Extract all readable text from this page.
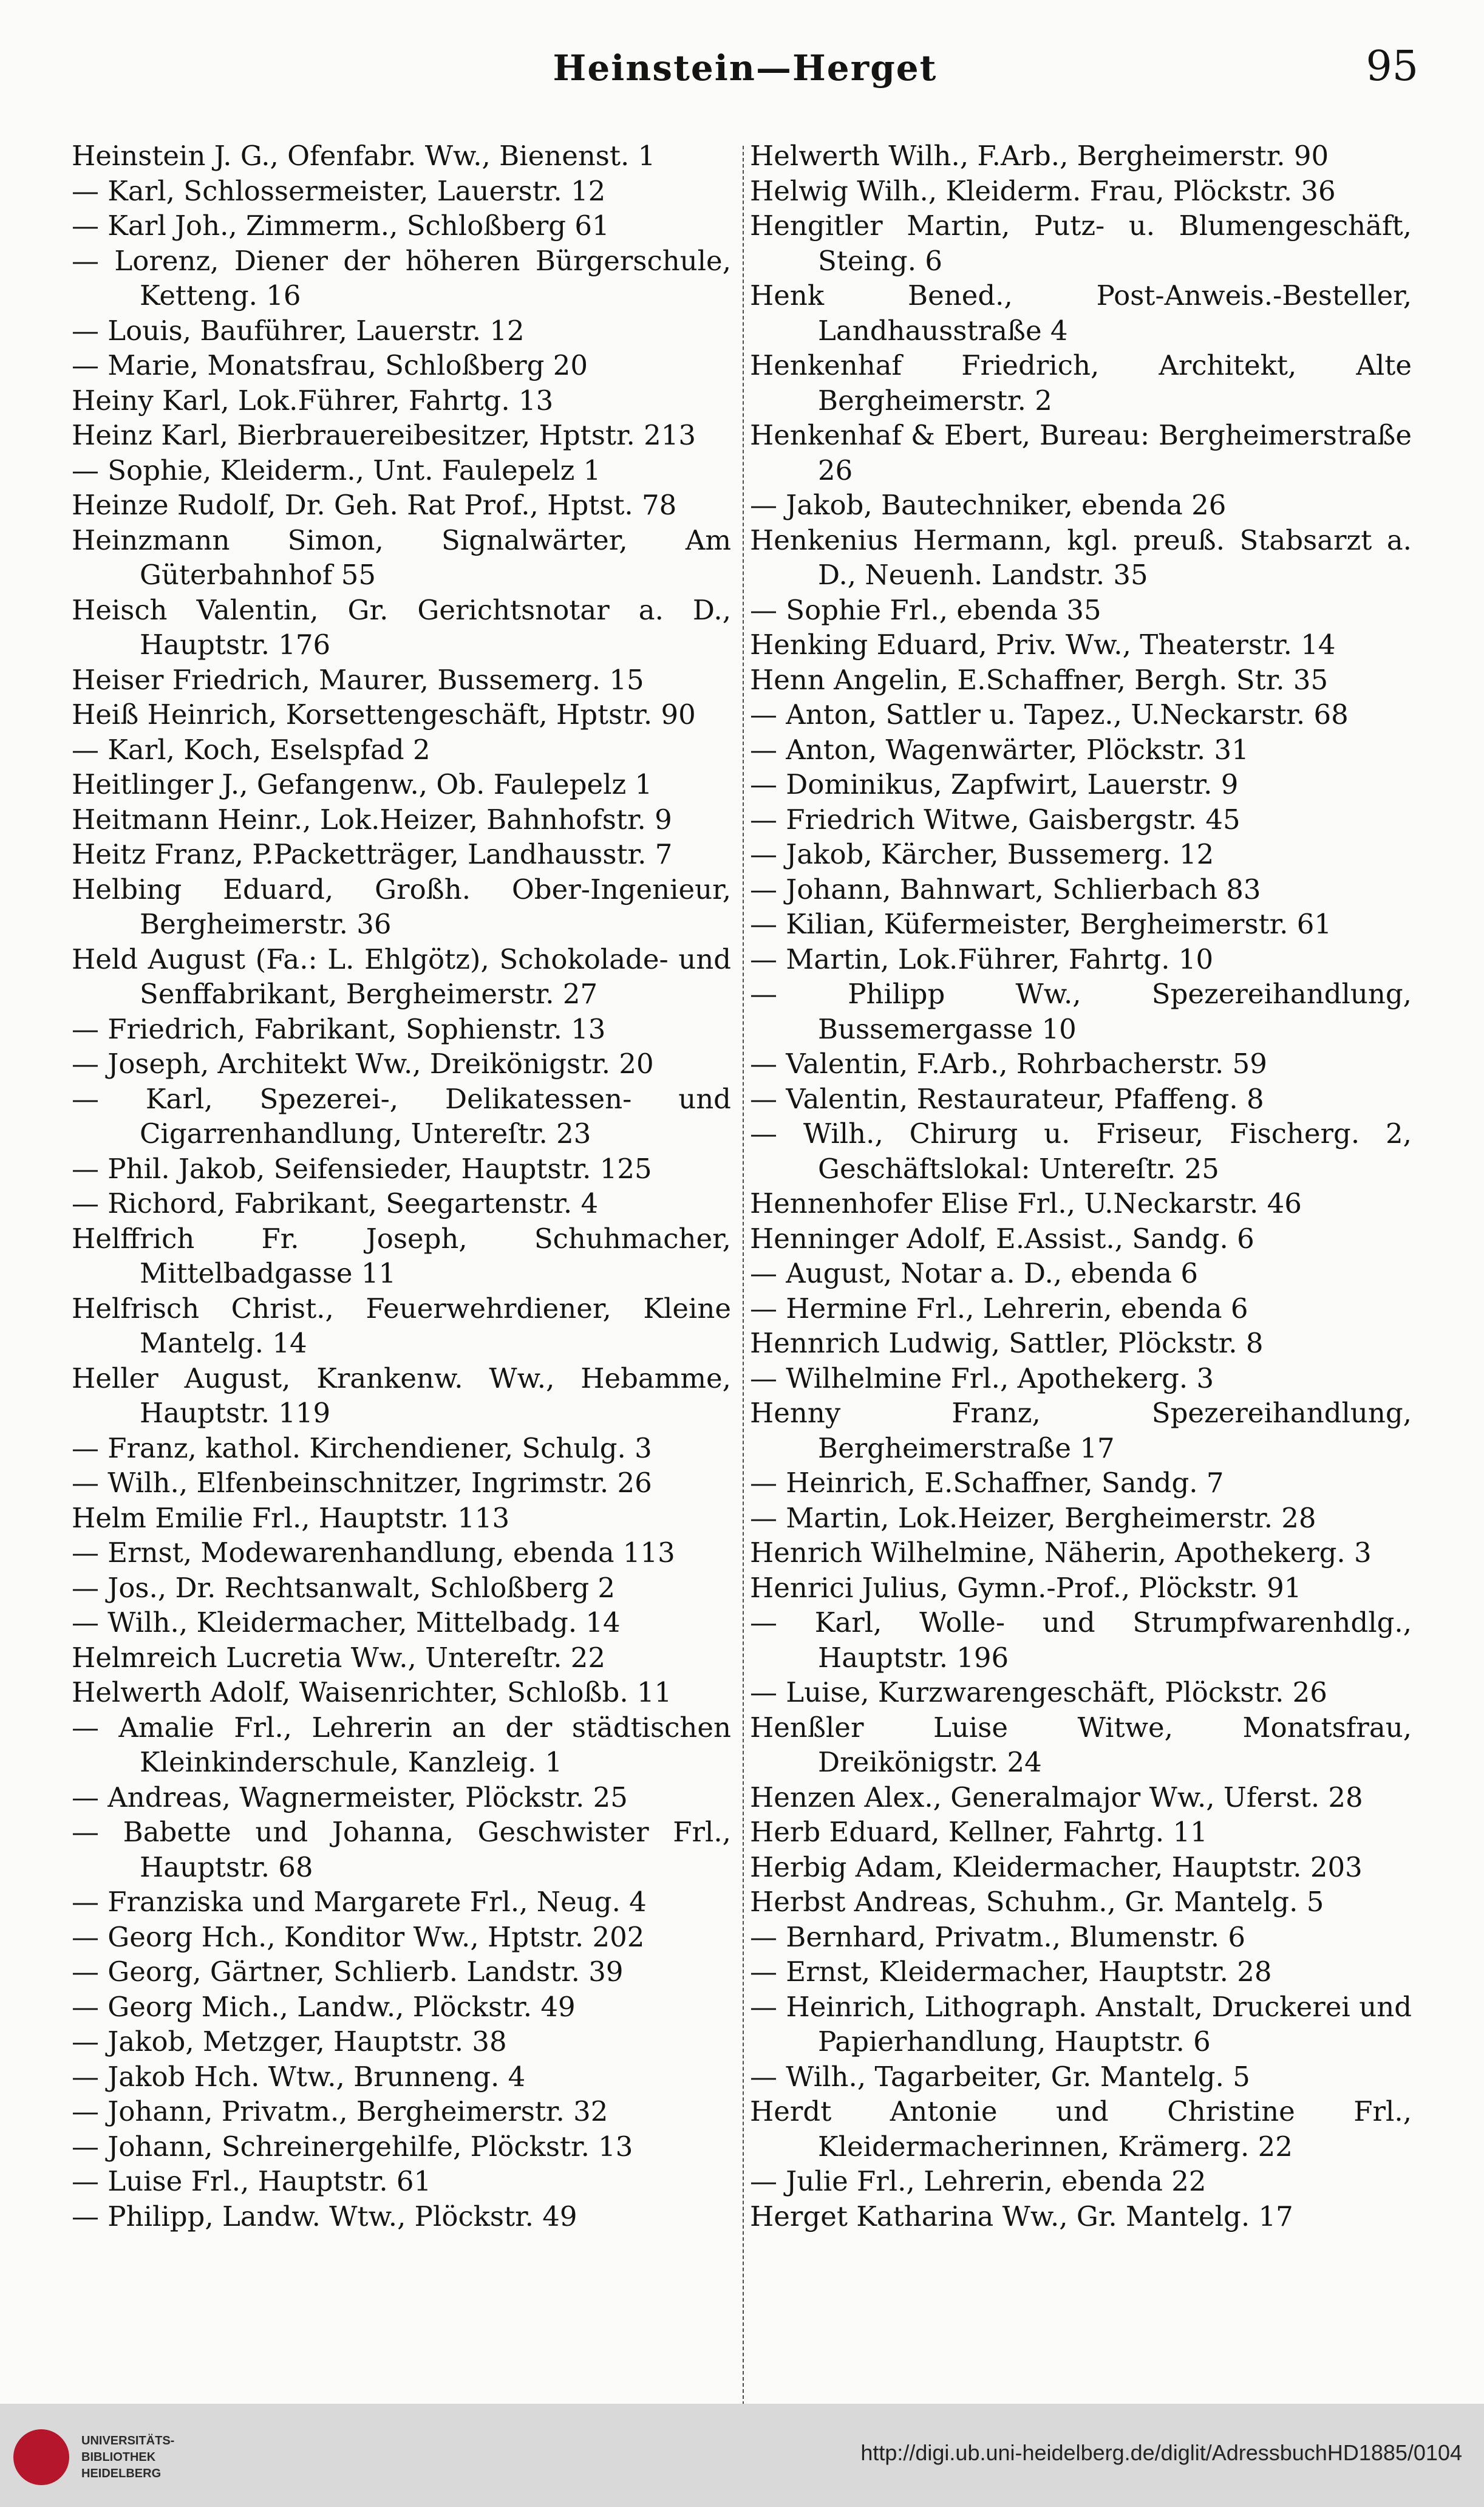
Heinstein—Herget	95

Heinstein J. G., Ofenfabr. Ww., Bienenst. 1

— Karl, Schlossermeister, Lauerstr. 12

— Karl Joh., Zimmerm., Schloßberg 61

— Lorenz, Diener der höheren Bürgerschule, Ketteng. 16

— Louis, Bauführer, Lauerstr. 12

— Marie, Monatsfrau, Schloßberg 20

Heiny Karl, Lok.Führer, Fahrtg. 13

Heinz Karl, Bierbrauereibesitzer, Hptstr. 213

— Sophie, Kleiderm., Unt. Faulepelz 1

Heinze Rudolf, Dr. Geh. Rat Prof., Hptst. 78

Heinzmann Simon, Signalwärter, Am Güterbahnhof 55

Heisch Valentin, Gr. Gerichtsnotar a. D., Hauptstr. 176

Heiser Friedrich, Maurer, Bussemerg. 15

Heiß Heinrich, Korsettengeschäft, Hptstr. 90

— Karl, Koch, Eselspfad 2

Heitlinger J., Gefangenw., Ob. Faulepelz 1

Heitmann Heinr., Lok.Heizer, Bahnhofstr. 9

Heitz Franz, P.Packetträger, Landhausstr. 7

Helbing Eduard, Großh. Ober-Ingenieur, Bergheimerstr. 36

Held August (Fa.: L. Ehlgötz), Schokolade- und Senffabrikant, Bergheimerstr. 27

— Friedrich, Fabrikant, Sophienstr. 13

— Joseph, Architekt Ww., Dreikönigstr. 20

— Karl, Spezerei-, Delikatessen- und Cigarrenhandlung, Untereſtr. 23

— Phil. Jakob, Seifensieder, Hauptstr. 125

— Richord, Fabrikant, Seegartenstr. 4

Helffrich Fr. Joseph, Schuhmacher, Mittelbadgasse 11

Helfrisch Christ., Feuerwehrdiener, Kleine Mantelg. 14

Heller August, Krankenw. Ww., Hebamme, Hauptstr. 119

— Franz, kathol. Kirchendiener, Schulg. 3

— Wilh., Elfenbeinschnitzer, Ingrimstr. 26

Helm Emilie Frl., Hauptstr. 113

— Ernst, Modewarenhandlung, ebenda 113

— Jos., Dr. Rechtsanwalt, Schloßberg 2

— Wilh., Kleidermacher, Mittelbadg. 14

Helmreich Lucretia Ww., Untereſtr. 22

Helwerth Adolf, Waisenrichter, Schloßb. 11

— Amalie Frl., Lehrerin an der städtischen Kleinkinderschule, Kanzleig. 1

— Andreas, Wagnermeister, Plöckstr. 25

— Babette und Johanna, Geschwister Frl., Hauptstr. 68

— Franziska und Margarete Frl., Neug. 4

— Georg Hch., Konditor Ww., Hptstr. 202

— Georg, Gärtner, Schlierb. Landstr. 39

— Georg Mich., Landw., Plöckstr. 49

— Jakob, Metzger, Hauptstr. 38

— Jakob Hch. Wtw., Brunneng. 4

— Johann, Privatm., Bergheimerstr. 32

— Johann, Schreinergehilfe, Plöckstr. 13

— Luise Frl., Hauptstr. 61

— Philipp, Landw. Wtw., Plöckstr. 49

Helwerth Wilh., F.Arb., Bergheimerstr. 90

Helwig Wilh., Kleiderm. Frau, Plöckstr. 36

Hengitler Martin, Putz- u. Blumengeschäft, Steing. 6

Henk Bened., Post-Anweis.-Besteller, Landhausstraße 4

Henkenhaf Friedrich, Architekt, Alte Bergheimerstr. 2

Henkenhaf & Ebert, Bureau: Bergheimerstraße 26

— Jakob, Bautechniker, ebenda 26

Henkenius Hermann, kgl. preuß. Stabsarzt a. D., Neuenh. Landstr. 35

— Sophie Frl., ebenda 35

Henking Eduard, Priv. Ww., Theaterstr. 14

Henn Angelin, E.Schaffner, Bergh. Str. 35

— Anton, Sattler u. Tapez., U.Neckarstr. 68

— Anton, Wagenwärter, Plöckstr. 31

— Dominikus, Zapfwirt, Lauerstr. 9

— Friedrich Witwe, Gaisbergstr. 45

— Jakob, Kärcher, Bussemerg. 12

— Johann, Bahnwart, Schlierbach 83

— Kilian, Küfermeister, Bergheimerstr. 61

— Martin, Lok.Führer, Fahrtg. 10

— Philipp Ww., Spezereihandlung, Bussemergasse 10

— Valentin, F.Arb., Rohrbacherstr. 59

— Valentin, Restaurateur, Pfaffeng. 8

— Wilh., Chirurg u. Friseur, Fischerg. 2, Geschäftslokal: Untereſtr. 25

Hennenhofer Elise Frl., U.Neckarstr. 46

Henninger Adolf, E.Assist., Sandg. 6

— August, Notar a. D., ebenda 6

— Hermine Frl., Lehrerin, ebenda 6

Hennrich Ludwig, Sattler, Plöckstr. 8

— Wilhelmine Frl., Apothekerg. 3

Henny Franz, Spezereihandlung, Bergheimerstraße 17

— Heinrich, E.Schaffner, Sandg. 7

— Martin, Lok.Heizer, Bergheimerstr. 28

Henrich Wilhelmine, Näherin, Apothekerg. 3

Henrici Julius, Gymn.-Prof., Plöckstr. 91

— Karl, Wolle- und Strumpfwarenhdlg., Hauptstr. 196

— Luise, Kurzwarengeschäft, Plöckstr. 26

Henßler Luise Witwe, Monatsfrau, Dreikönigstr. 24

Henzen Alex., Generalmajor Ww., Uferst. 28

Herb Eduard, Kellner, Fahrtg. 11

Herbig Adam, Kleidermacher, Hauptstr. 203

Herbst Andreas, Schuhm., Gr. Mantelg. 5

— Bernhard, Privatm., Blumenstr. 6

— Ernst, Kleidermacher, Hauptstr. 28

— Heinrich, Lithograph. Anstalt, Druckerei und Papierhandlung, Hauptstr. 6

— Wilh., Tagarbeiter, Gr. Mantelg. 5

Herdt Antonie und Christine Frl., Kleidermacherinnen, Krämerg. 22

— Julie Frl., Lehrerin, ebenda 22

Herget Katharina Ww., Gr. Mantelg. 17

UNIVERSITÄTS-
BIBLIOTHEK
HEIDELBERG
http://digi.ub.uni-heidelberg.de/diglit/AdressbuchHD1885/0104
